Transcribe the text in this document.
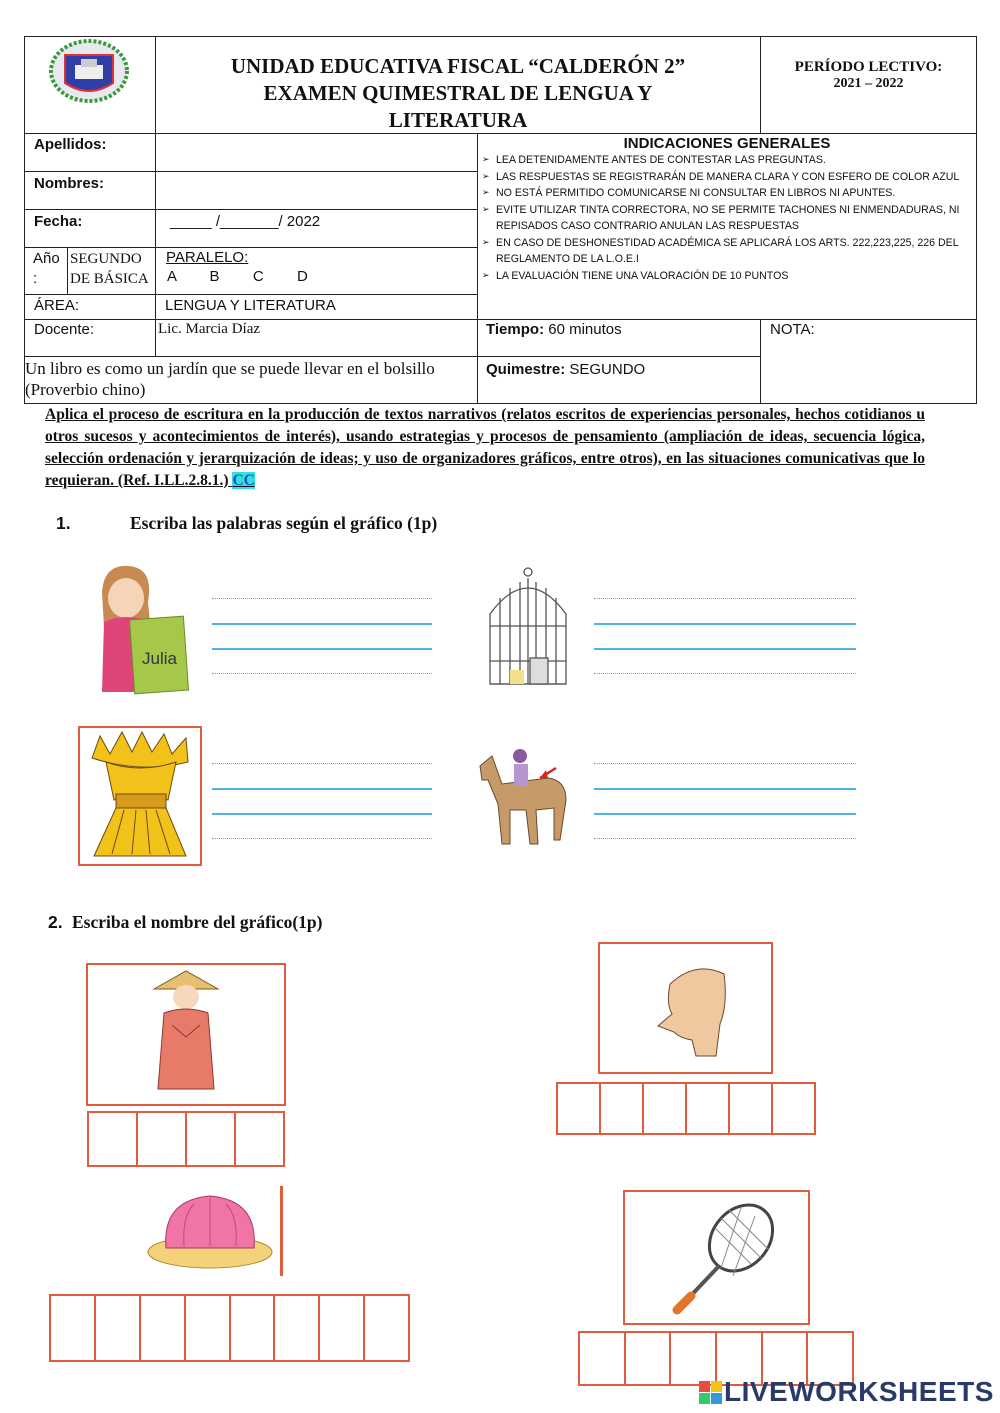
UNIDAD EDUCATIVA FISCAL “CALDERÓN 2”
EXAMEN QUIMESTRAL DE LENGUA Y
LITERATURA
PERÍODO LECTIVO:
2021 – 2022
Apellidos:
Nombres:
Fecha:	_____ /_______/ 2022
Año :
SEGUNDO DE BÁSICA
PARALELO:
A        B        C        D
ÁREA:	LENGUA Y LITERATURA
Docente:	Lic. Marcia Díaz
Un libro es como un jardín que se puede llevar en el bolsillo (Proverbio chino)
INDICACIONES GENERALES
➢ LEA DETENIDAMENTE ANTES DE CONTESTAR LAS PREGUNTAS.
➢ LAS RESPUESTAS SE REGISTRARÁN DE MANERA CLARA Y CON ESFERO DE COLOR AZUL
➢ NO ESTÁ PERMITIDO COMUNICARSE NI CONSULTAR EN LIBROS NI APUNTES.
➢ EVITE UTILIZAR TINTA CORRECTORA, NO SE PERMITE TACHONES NI ENMENDADURAS, NI REPISADOS CASO CONTRARIO ANULAN LAS RESPUESTAS
➢ EN CASO DE DESHONESTIDAD ACADÉMICA SE APLICARÁ LOS ARTS. 222,223,225, 226 DEL REGLAMENTO DE LA L.O.E.I
➢ LA EVALUACIÓN TIENE UNA VALORACIÓN DE 10 PUNTOS
Tiempo: 60 minutos	NOTA:
Quimestre: SEGUNDO
Aplica el proceso de escritura en la producción de textos narrativos (relatos escritos de experiencias personales, hechos cotidianos u otros sucesos y acontecimientos de interés), usando estrategias y procesos de pensamiento (ampliación de ideas, secuencia lógica, selección ordenación y jerarquización de ideas; y uso de organizadores gráficos, entre otros), en las situaciones comunicativas que lo requieran. (Ref. I.LL.2.8.1.) CC
1.	Escriba las palabras según el gráfico (1p)
Julia
2. Escriba el nombre del gráfico(1p)
LIVEWORKSHEETS
